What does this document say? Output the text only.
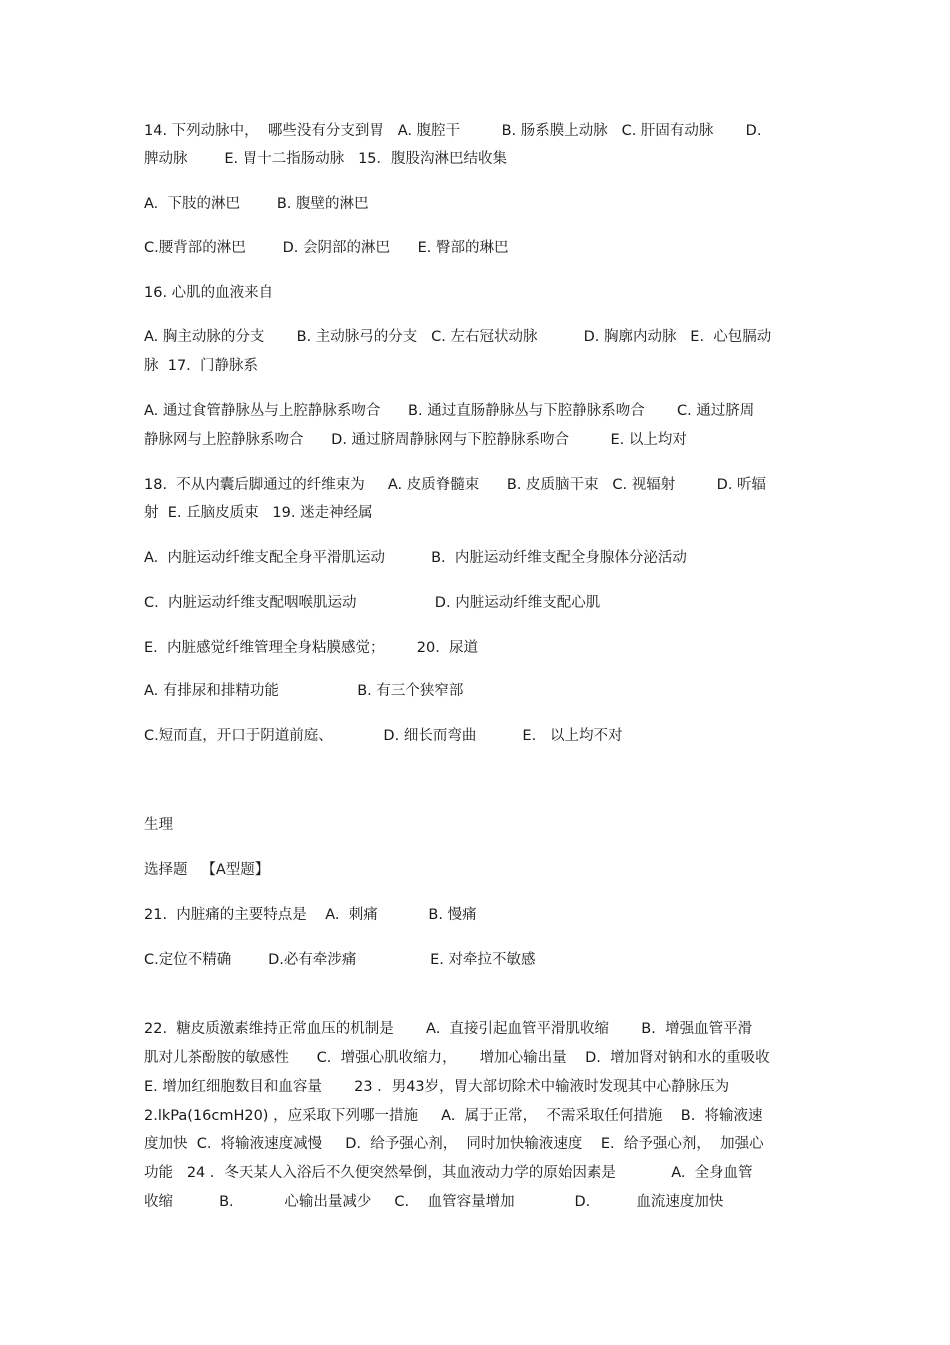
14. 下列动脉中，  哪些没有分支到胃   A. 腹腔干         B. 肠系膜上动脉   C. 肝固有动脉       D.
脾动脉        E. 胃十二指肠动脉   15．腹股沟淋巴结收集
A.  下肢的淋巴        B. 腹壁的淋巴
C.腰背部的淋巴        D. 会阴部的淋巴      E. 臀部的琳巴
16. 心肌的血液来自
A. 胸主动脉的分支       B. 主动脉弓的分支   C. 左右冠状动脉          D. 胸廓内动脉   E.  心包膈动
脉  17.  门静脉系
A. 通过食管静脉丛与上腔静脉系吻合      B. 通过直肠静脉丛与下腔静脉系吻合       C. 通过脐周
静脉网与上腔静脉系吻合      D. 通过脐周静脉网与下腔静脉系吻合         E. 以上均对
18.  不从内囊后脚通过的纤维束为     A. 皮质脊髓束      B. 皮质脑干束   C. 视辐射         D. 听辐
射  E. 丘脑皮质束   19. 迷走神经属
A.  内脏运动纤维支配全身平滑肌运动          B.  内脏运动纤维支配全身腺体分泌活动
C.  内脏运动纤维支配咽喉肌运动                 D. 内脏运动纤维支配心肌
E.  内脏感觉纤维管理全身粘膜感觉；       20.  尿道
A. 有排尿和排精功能                 B. 有三个狭窄部
C.短而直，开口于阴道前庭、           D. 细长而弯曲          E.   以上均不对
生理
选择题   【A型题】
21.  内脏痛的主要特点是    A.  刺痛           B. 慢痛
C.定位不精确        D.必有牵涉痛                E. 对牵拉不敏感
22.  糖皮质激素维持正常血压的机制是       A.  直接引起血管平滑肌收缩       B.  增强血管平滑
肌对儿茶酚胺的敏感性      C.  增强心肌收缩力，     增加心输出量    D.  增加肾对钠和水的重吸收
E. 增加红细胞数目和血容量       23 ．男43岁，胃大部切除术中输液时发现其中心静脉压为
2.lkPa(16cmH20) ，应采取下列哪一措施     A.  属于正常，  不需采取任何措施    B.  将输液速
度加快  C.  将输液速度减慢     D.  给予强心剂，  同时加快输液速度    E.  给予强心剂，  加强心
功能   24 ．冬天某人入浴后不久便突然晕倒，其血液动力学的原始因素是            A.  全身血管
收缩          B.           心输出量减少     C.    血管容量增加             D.          血流速度加快
